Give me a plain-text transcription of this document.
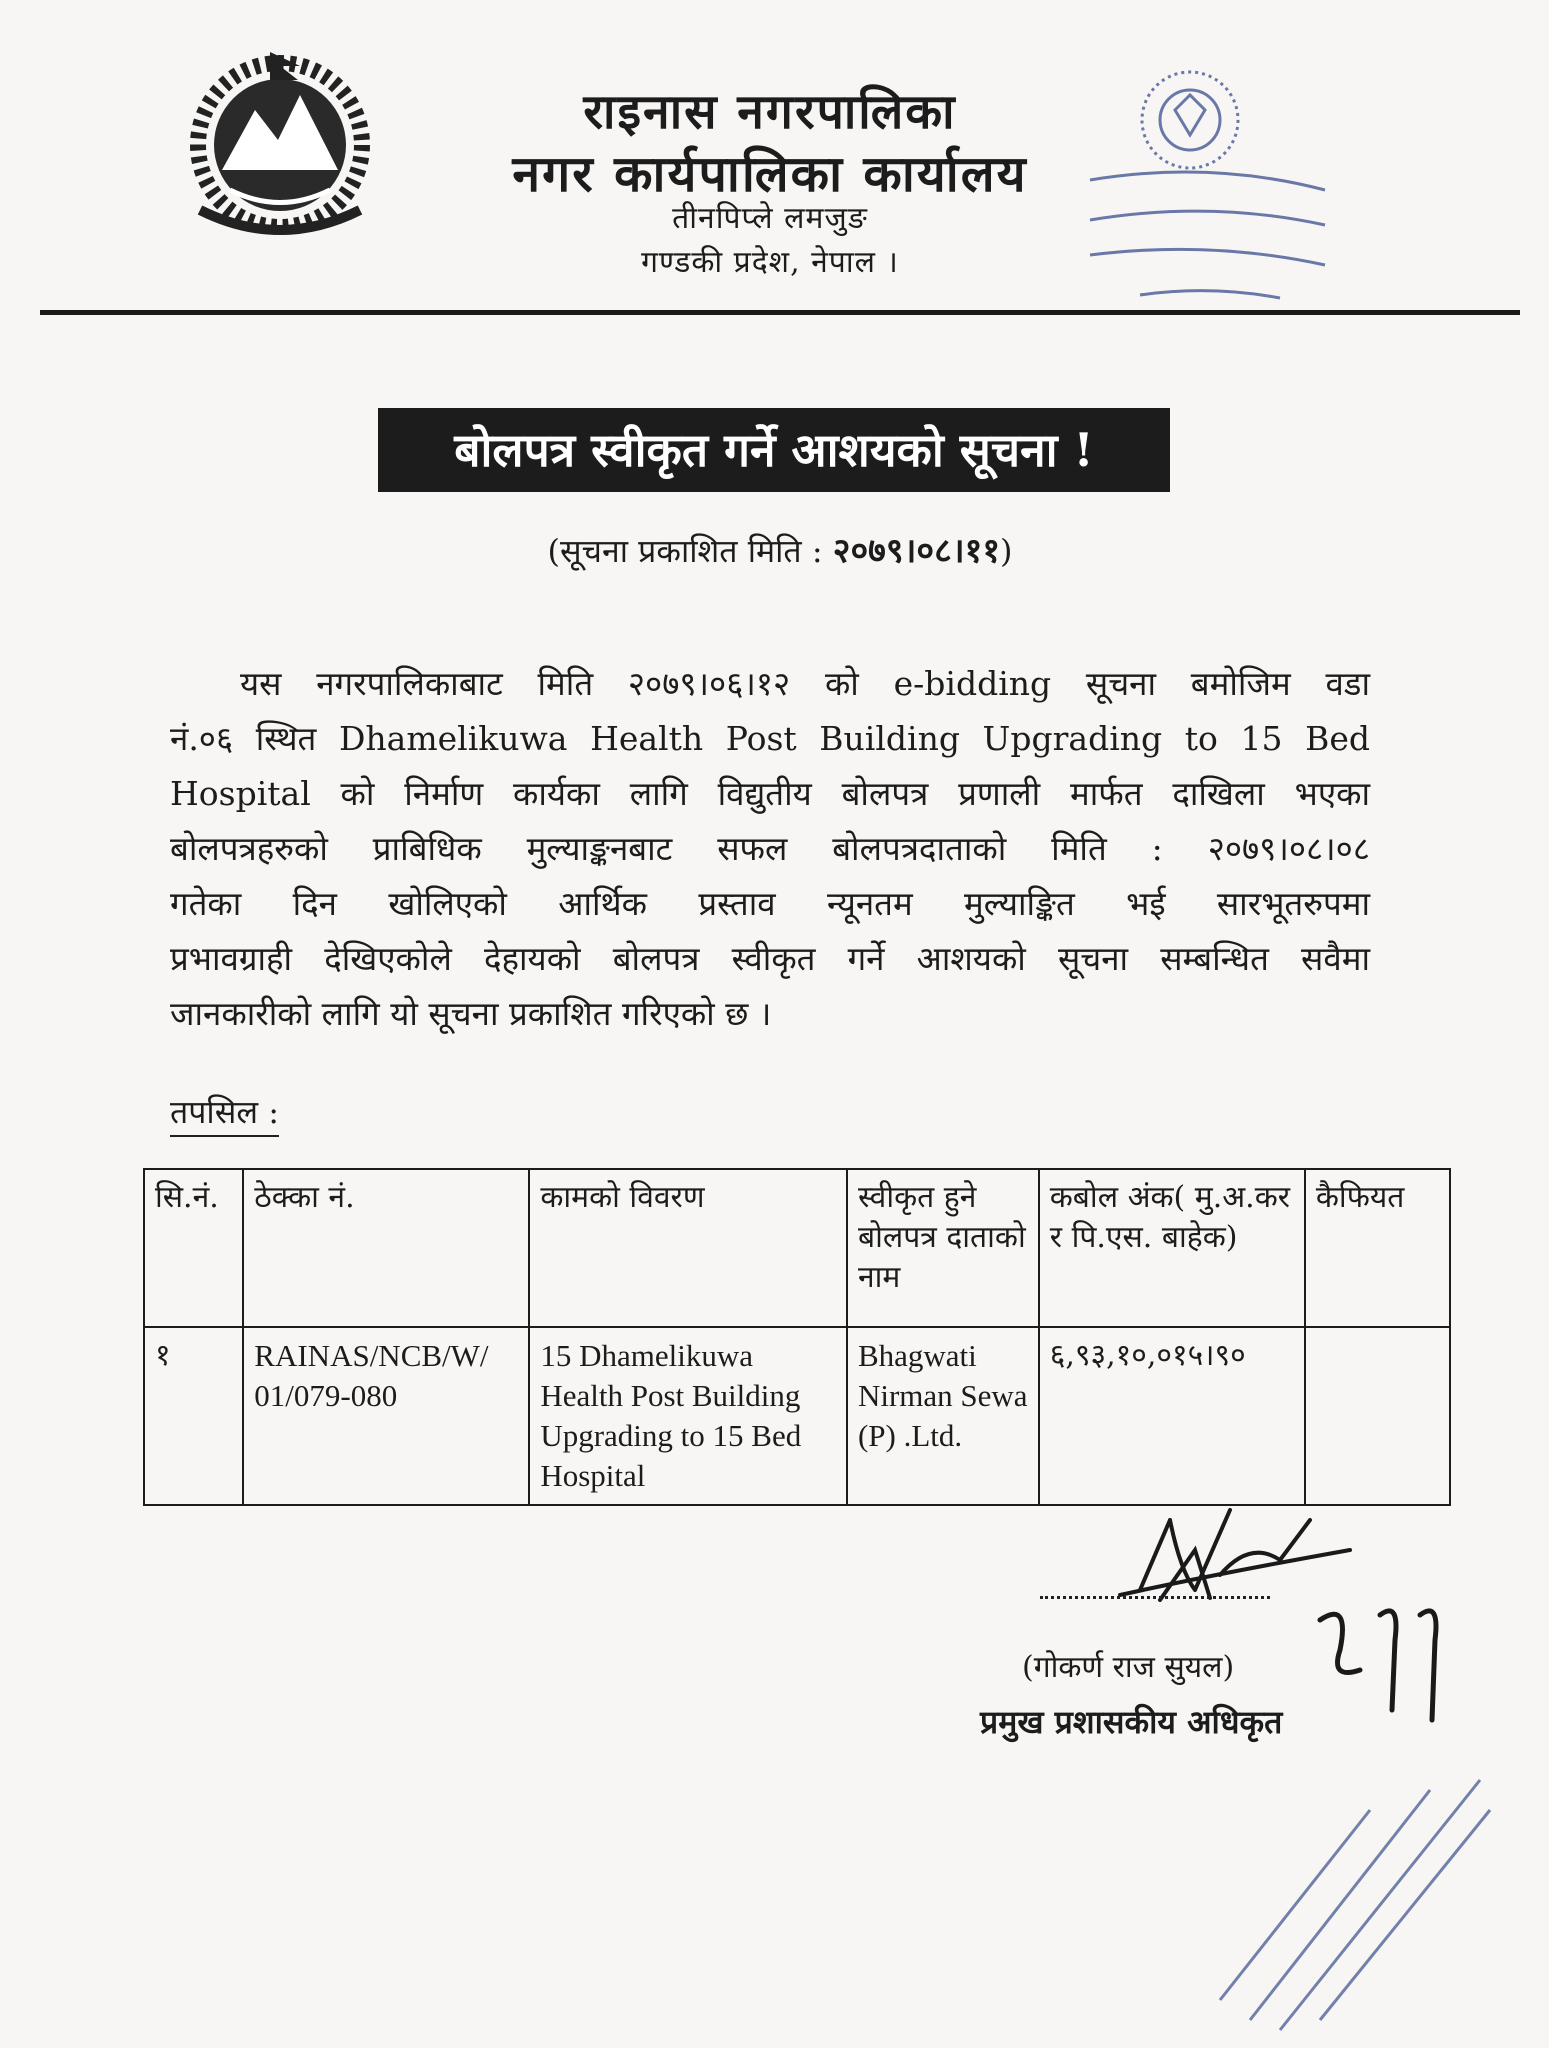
राइनास नगरपालिका
नगर कार्यपालिका कार्यालय
तीनपिप्ले लमजुङ
गण्डकी प्रदेश, नेपाल ।
बोलपत्र स्वीकृत गर्ने आशयको सूचना !
(सूचना प्रकाशित मिति : २०७९।०८।११)
यस नगरपालिकाबाट मिति २०७९।०६।१२ को e-bidding सूचना बमोजिम वडा
नं.०६ स्थित Dhamelikuwa Health Post Building Upgrading to 15 Bed
Hospital को निर्माण कार्यका लागि विद्युतीय बोलपत्र प्रणाली मार्फत दाखिला भएका
बोलपत्रहरुको प्राबिधिक मुल्याङ्कनबाट सफल बोलपत्रदाताको मिति : २०७९।०८।०८
गतेका दिन खोलिएको आर्थिक प्रस्ताव न्यूनतम मुल्याङ्कित भई सारभूतरुपमा
प्रभावग्राही देखिएकोले देहायको बोलपत्र स्वीकृत गर्ने आशयको सूचना सम्बन्धित सवैमा
जानकारीको लागि यो सूचना प्रकाशित गरिएको छ ।
तपसिल :
सि.नं.	ठेक्का नं.	कामको विवरण	स्वीकृत हुने बोलपत्र दाताको नाम	कबोल अंक( मु.अ.कर र पि.एस. बाहेक)	कैफियत
१	RAINAS/NCB/W/ 01/079-080	15 Dhamelikuwa Health Post Building Upgrading to 15 Bed Hospital	Bhagwati Nirman Sewa (P) .Ltd.	६,९३,१०,०१५।९०	
(गोकर्ण राज सुयल)
प्रमुख प्रशासकीय अधिकृत
